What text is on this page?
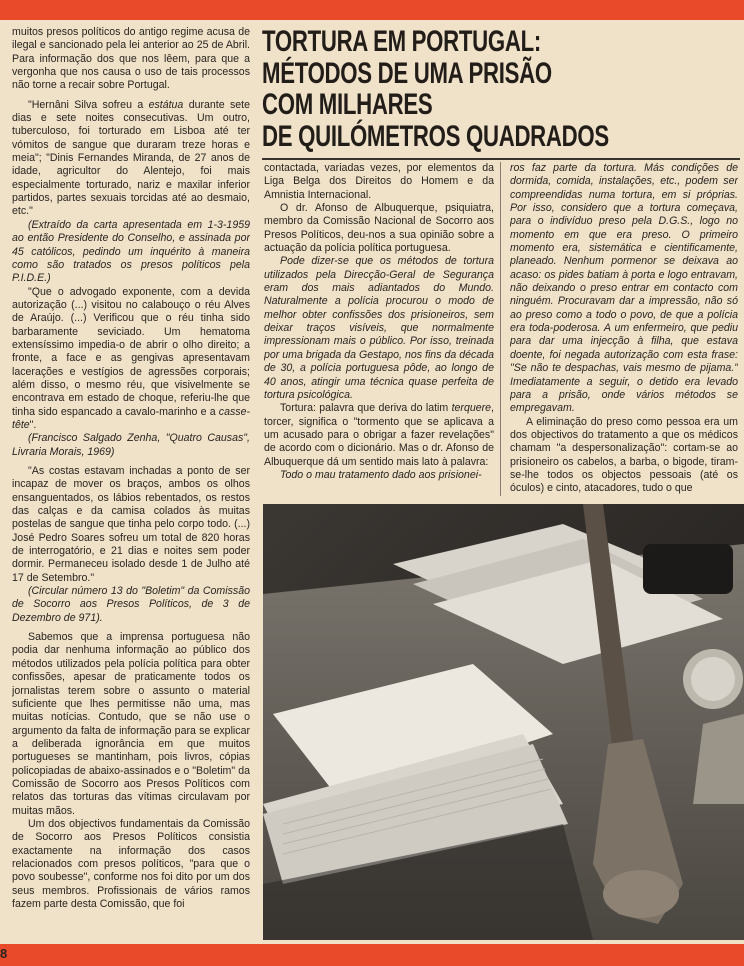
8

muitos presos políticos do antigo regime acusa de ilegal e sancionado pela lei anterior ao 25 de Abril. Para informação dos que nos lêem, para que a vergonha que nos causa o uso de tais processos não torne a recair sobre Portugal.

"Hernâni Silva sofreu a estátua durante sete dias e sete noites consecutivas. Um outro, tuberculoso, foi torturado em Lisboa até ter vómitos de sangue que duraram treze horas e meia"; "Dinis Fernandes Miranda, de 27 anos de idade, agricultor do Alentejo, foi mais especialmente torturado, nariz e maxilar inferior partidos, partes sexuais torcidas até ao desmaio, etc."

(Extraído da carta apresentada em 1-3-1959 ao então Presidente do Conselho, e assinada por 45 católicos, pedindo um inquérito à maneira como são tratados os presos políticos pela P.I.D.E.)

"Que o advogado exponente, com a devida autorização (...) visitou no calabouço o réu Alves de Araújo. (...) Verificou que o réu tinha sido barbaramente seviciado. Um hematoma extensíssimo impedia-o de abrir o olho direito; a fronte, a face e as gengivas apresentavam lacerações e vestígios de agressões corporais; além disso, o mesmo réu, que visivelmente se encontrava em estado de choque, referiu-lhe que tinha sido espancado a cavalo-marinho e a casse-tête".

(Francisco Salgado Zenha, "Quatro Causas", Livraria Morais, 1969)

"As costas estavam inchadas a ponto de ser incapaz de mover os braços, ambos os olhos ensanguentados, os lábios rebentados, os restos das calças e da camisa colados às muitas postelas de sangue que tinha pelo corpo todo. (...) José Pedro Soares sofreu um total de 820 horas de interrogatório, e 21 dias e noites sem poder dormir. Permaneceu isolado desde 1 de Julho até 17 de Setembro."

(Circular número 13 do "Boletim" da Comissão de Socorro aos Presos Políticos, de 3 de Dezembro de 971).

Sabemos que a imprensa portuguesa não podia dar nenhuma informação ao público dos métodos utilizados pela polícia política para obter confissões, apesar de praticamente todos os jornalistas terem sobre o assunto o material suficiente que lhes permitisse não uma, mas muitas notícias. Contudo, que se não use o argumento da falta de informação para se explicar a deliberada ignorância em que muitos portugueses se mantinham, pois livros, cópias policopiadas de abaixo-assinados e o "Boletim" da Comissão de Socorro aos Presos Políticos com relatos das torturas das vítimas circulavam por muitas mãos.

Um dos objectivos fundamentais da Comissão de Socorro aos Presos Políticos consistia exactamente na informação dos casos relacionados com presos políticos, "para que o povo soubesse", conforme nos foi dito por um dos seus membros. Profissionais de vários ramos fazem parte desta Comissão, que foi

TORTURA EM PORTUGAL:
MÉTODOS DE UMA PRISÃO
COM MILHARES
DE QUILÓMETROS QUADRADOS

contactada, variadas vezes, por elementos da Liga Belga dos Direitos do Homem e da Amnistia Internacional.

O dr. Afonso de Albuquerque, psiquiatra, membro da Comissão Nacional de Socorro aos Presos Políticos, deu-nos a sua opinião sobre a actuação da polícia política portuguesa.

Pode dizer-se que os métodos de tortura utilizados pela Direcção-Geral de Segurança eram dos mais adiantados do Mundo. Naturalmente a polícia procurou o modo de melhor obter confissões dos prisioneiros, sem deixar traços visíveis, que normalmente impressionam mais o público. Por isso, treinada por uma brigada da Gestapo, nos fins da década de 30, a polícia portuguesa pôde, ao longo de 40 anos, atingir uma técnica quase perfeita de tortura psicológica.

Tortura: palavra que deriva do latim terquere, torcer, significa o "tormento que se aplicava a um acusado para o obrigar a fazer revelações" de acordo com o dicionário. Mas o dr. Afonso de Albuquerque dá um sentido mais lato à palavra:

Todo o mau tratamento dado aos prisionei-

ros faz parte da tortura. Más condições de dormida, comida, instalações, etc., podem ser compreendidas numa tortura, em si próprias. Por isso, considero que a tortura começava, para o indivíduo preso pela D.G.S., logo no momento em que era preso. O primeiro momento era, sistemática e cientificamente, planeado. Nenhum pormenor se deixava ao acaso: os pides batiam à porta e logo entravam, não deixando o preso entrar em contacto com ninguém. Procuravam dar a impressão, não só ao preso como a todo o povo, de que a polícia era toda-poderosa. A um enfermeiro, que pediu para dar uma injecção à filha, que estava doente, foi negada autorização com esta frase: "Se não te despachas, vais mesmo de pijama." Imediatamente a seguir, o detido era levado para a prisão, onde vários métodos se empregavam.

A eliminação do preso como pessoa era um dos objectivos do tratamento a que os médicos chamam "a despersonalização": cortam-se ao prisioneiro os cabelos, a barba, o bigode, tiram-se-lhe todos os objectos pessoais (até os óculos) e cinto, atacadores, tudo o que
